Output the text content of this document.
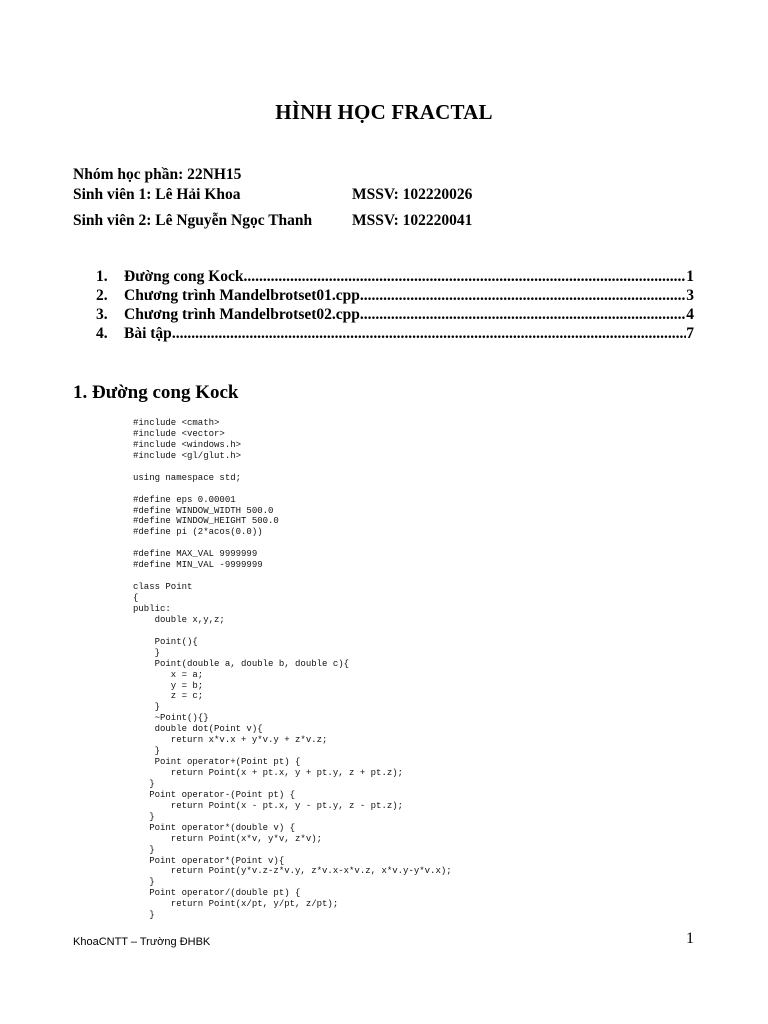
HÌNH HỌC FRACTAL
Nhóm học phần: 22NH15
Sinh viên 1: Lê Hải Khoa	MSSV: 102220026
Sinh viên 2: Lê Nguyễn Ngọc Thanh	MSSV: 102220041
1.	Đường cong Kock .....	1
2.	Chương trình Mandelbrotset01.cpp .....	3
3.	Chương trình Mandelbrotset02.cpp .....	4
4.	Bài tập .....	7
1. Đường cong Kock
#include <cmath>
#include <vector>
#include <windows.h>
#include <gl/glut.h>
using namespace std;
#define eps 0.00001
#define WINDOW_WIDTH 500.0
#define WINDOW_HEIGHT 500.0
#define pi (2*acos(0.0))
#define MAX_VAL 9999999
#define MIN_VAL -9999999
class Point
{
public:
double x,y,z;
Point(){
}
Point(double a, double b, double c){
x = a;
y = b;
z = c;
}
~Point(){}
double dot(Point v){
return x*v.x + y*v.y + z*v.z;
}
Point operator+(Point pt) {
return Point(x + pt.x, y + pt.y, z + pt.z);
}
Point operator-(Point pt) {
return Point(x - pt.x, y - pt.y, z - pt.z);
}
Point operator*(double v) {
return Point(x*v, y*v, z*v);
}
Point operator*(Point v){
return Point(y*v.z-z*v.y, z*v.x-x*v.z, x*v.y-y*v.x);
}
Point operator/(double pt) {
return Point(x/pt, y/pt, z/pt);
}
KhoaCNTT – Trường ĐHBK	1
